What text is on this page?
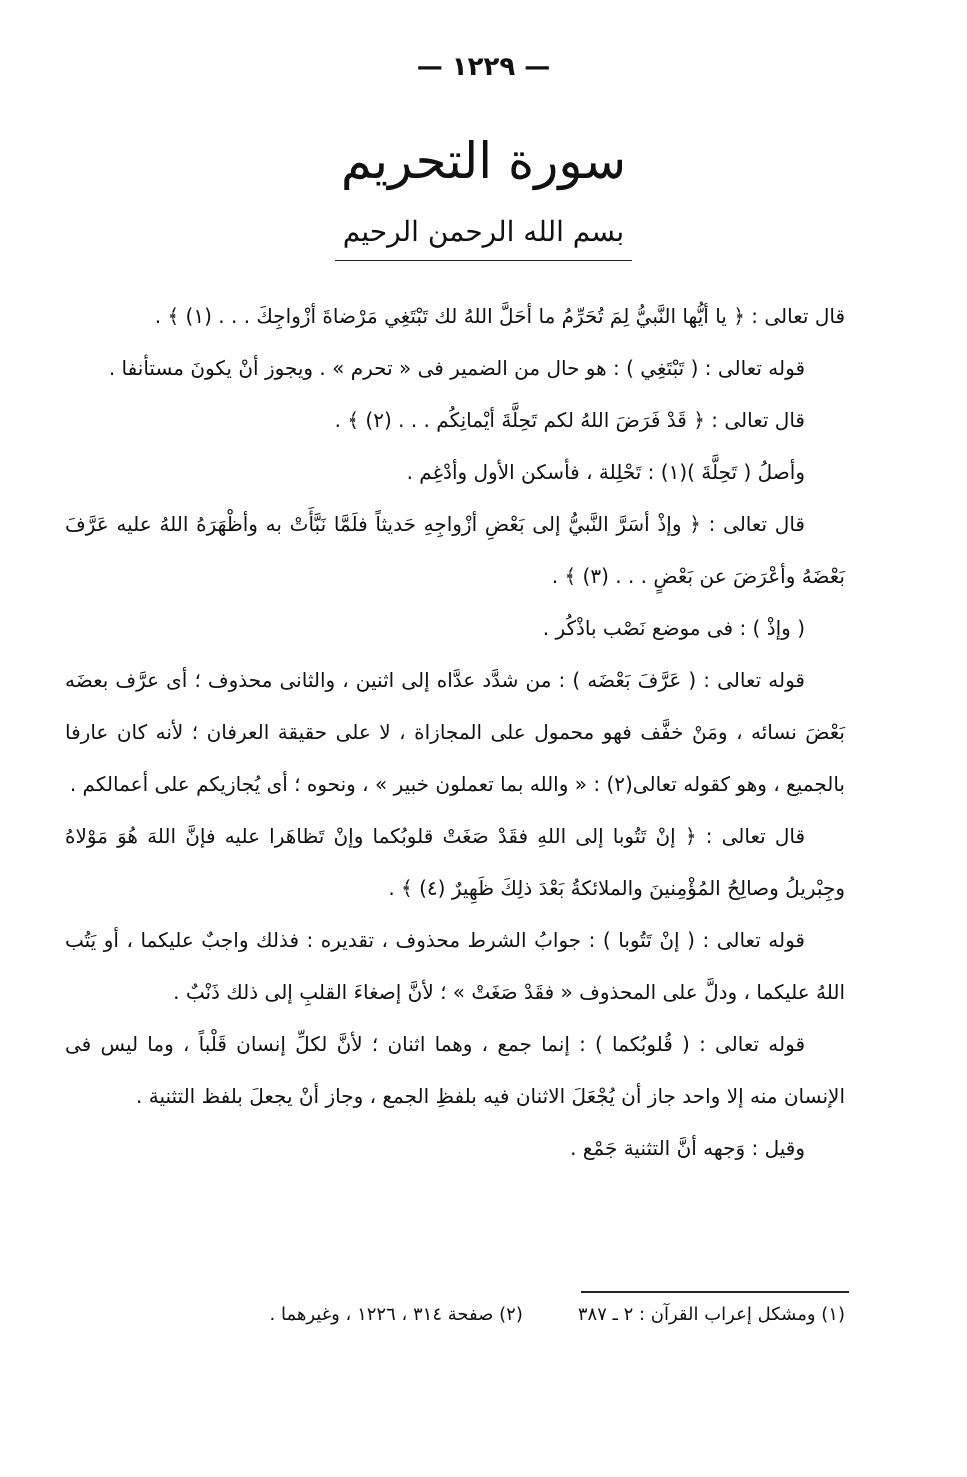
— ١٢٢٩ —
سورة التحريم
بسم الله الرحمن الرحيم

قال تعالى : ﴿ يا أيُّها النَّبيُّ لِمَ تُحَرِّمُ ما أحَلَّ اللهُ لك تَبْتَغِي مَرْضاةَ أزْواجِكَ . . . (١) ﴾ .

قوله تعالى : ( تَبْتَغِي ) : هو حال من الضمير فى « تحرم » . ويجوز أنْ يكونَ مستأنفا .

قال تعالى : ﴿ قَدْ فَرَضَ اللهُ لكم تَحِلَّةَ أيْمانِكُم . . . (٢) ﴾ .

وأصلُ ( تَحِلَّةَ )(١) : تَحْلِلة ، فأسكن الأول وأدْغِم .

قال تعالى : ﴿ وإذْ أسَرَّ النَّبيُّ إلى بَعْضِ أزْواجِهِ حَديثاً فلَمَّا نَبَّأَتْ به وأظْهَرَهُ اللهُ عليه عَرَّفَ بَعْضَهُ وأعْرَضَ عن بَعْضٍ . . . (٣) ﴾ .

( وإذْ ) : فى موضع نَصْب باذْكُر .

قوله تعالى : ( عَرَّفَ بَعْضَه ) : من شدَّد عدَّاه إلى اثنين ، والثانى محذوف ؛ أى عرَّف بعضَه بَعْضَ نسائه ، ومَنْ خفَّف فهو محمول على المجازاة ، لا على حقيقة العرفان ؛ لأنه كان عارفا بالجميع ، وهو كقوله تعالى(٢) : « والله بما تعملون خبير » ، ونحوه ؛ أى يُجازيكم على أعمالكم .

قال تعالى : ﴿ إنْ تَتُوبا إلى اللهِ فقَدْ صَغَتْ قلوبُكما وإنْ تَظاهَرا عليه فإنَّ اللهَ هُوَ مَوْلاهُ وجِبْريلُ وصالِحُ المُؤْمِنينَ والملائكةُ بَعْدَ ذلِكَ ظَهِيرٌ (٤) ﴾ .

قوله تعالى : ( إنْ تَتُوبا ) : جوابُ الشرط محذوف ، تقديره : فذلك واجبٌ عليكما ، أو يَتُب اللهُ عليكما ، ودلَّ على المحذوف « فقَدْ صَغَتْ » ؛ لأنَّ إصغاءَ القلبِ إلى ذلك ذَنْبٌ .

قوله تعالى : ( قُلوبُكما ) : إنما جمع ، وهما اثنان ؛ لأنَّ لكلِّ إنسان قَلْباً ، وما ليس فى الإنسان منه إلا واحد جاز أن يُجْعَلَ الاثنان فيه بلفظِ الجمع ، وجاز أنْ يجعلَ بلفظ التثنية .

وقيل : وَجهه أنَّ التثنية جَمْع .

(١) ومشكل إعراب القرآن : ٢ ـ ٣٨٧
(٢) صفحة ٣١٤ ، ١٢٢٦ ، وغيرهما .
